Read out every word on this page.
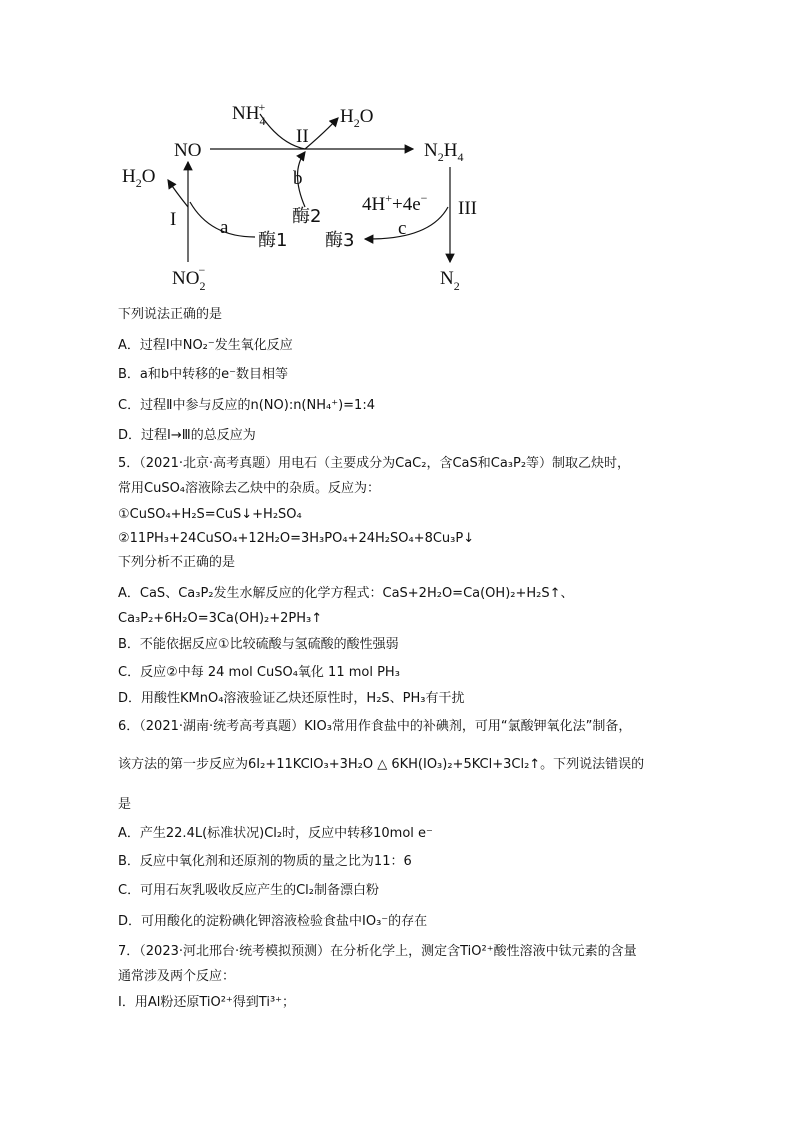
$NH_4+$	$H_2O$
NO
II
$N_2H_4$
$H_2O$	b
4H++4e− III
I a
酶2
酶1 酶3
c
$NO_2-$	$N_2$
下列说法正确的是
A．过程Ⅰ中NO₂⁻发生氧化反应
B．a和b中转移的e⁻数目相等
C．过程Ⅱ中参与反应的n(NO):n(NH₄⁺)=1:4
D．过程Ⅰ→Ⅲ的总反应为
5．（2021·北京·高考真题）用电石（主要成分为CaC₂，含CaS和Ca₃P₂等）制取乙炔时，
常用CuSO₄溶液除去乙炔中的杂质。反应为：
①CuSO₄+H₂S=CuS↓+H₂SO₄
②11PH₃+24CuSO₄+12H₂O=3H₃PO₄+24H₂SO₄+8Cu₃P↓
下列分析不正确的是
A．CaS、Ca₃P₂发生水解反应的化学方程式：CaS+2H₂O=Ca(OH)₂+H₂S↑、
Ca₃P₂+6H₂O=3Ca(OH)₂+2PH₃↑
B．不能依据反应①比较硫酸与氢硫酸的酸性强弱
C．反应②中每 24 mol CuSO₄氧化 11 mol PH₃
D．用酸性KMnO₄溶液验证乙炔还原性时，H₂S、PH₃有干扰
6．（2021·湖南·统考高考真题）KIO₃常用作食盐中的补碘剂，可用“氯酸钾氧化法”制备，
该方法的第一步反应为6I₂+11KClO₃+3H₂O △ 6KH(IO₃)₂+5KCl+3Cl₂↑。下列说法错误的
是
A．产生22.4L(标准状况)Cl₂时，反应中转移10mol e⁻
B．反应中氧化剂和还原剂的物质的量之比为11：6
C．可用石灰乳吸收反应产生的Cl₂制备漂白粉
D．可用酸化的淀粉碘化钾溶液检验食盐中IO₃⁻的存在
7．（2023·河北邢台·统考模拟预测）在分析化学上，测定含TiO²⁺酸性溶液中钛元素的含量
通常涉及两个反应：
Ⅰ．用Al粉还原TiO²⁺得到Ti³⁺；
